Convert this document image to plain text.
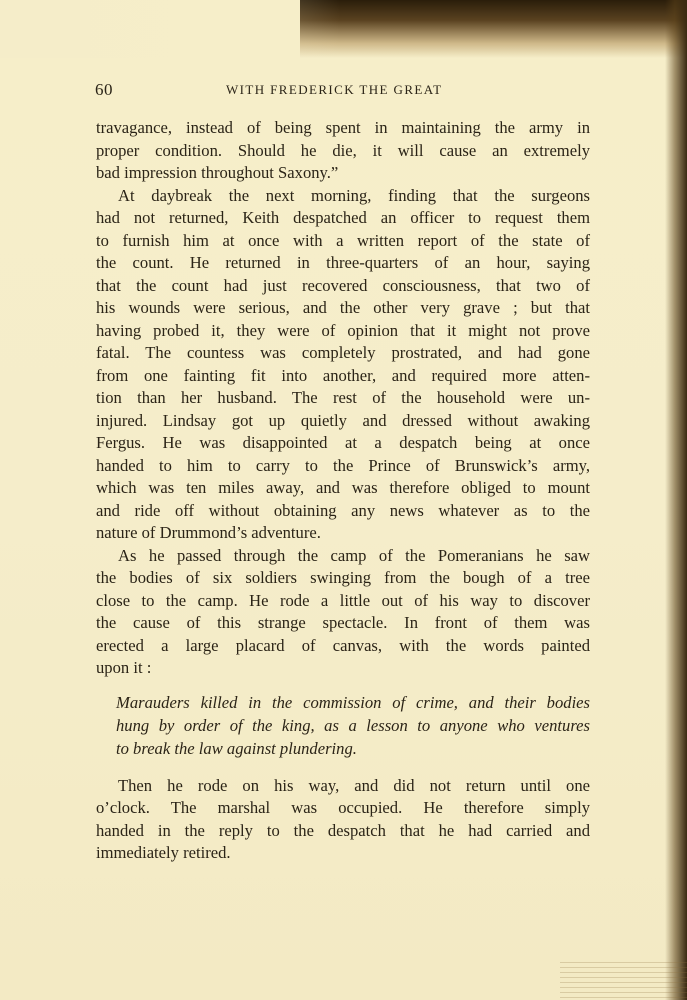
60	WITH FREDERICK THE GREAT
travagance, instead of being spent in maintaining the army in
proper condition. Should he die, it will cause an extremely
bad impression throughout Saxony.”
At daybreak the next morning, finding that the surgeons
had not returned, Keith despatched an officer to request them
to furnish him at once with a written report of the state of
the count. He returned in three-quarters of an hour, saying
that the count had just recovered consciousness, that two of
his wounds were serious, and the other very grave ; but that
having probed it, they were of opinion that it might not prove
fatal. The countess was completely prostrated, and had gone
from one fainting fit into another, and required more atten-
tion than her husband. The rest of the household were un-
injured. Lindsay got up quietly and dressed without awaking
Fergus. He was disappointed at a despatch being at once
handed to him to carry to the Prince of Brunswick’s army,
which was ten miles away, and was therefore obliged to mount
and ride off without obtaining any news whatever as to the
nature of Drummond’s adventure.
As he passed through the camp of the Pomeranians he saw
the bodies of six soldiers swinging from the bough of a tree
close to the camp. He rode a little out of his way to discover
the cause of this strange spectacle. In front of them was
erected a large placard of canvas, with the words painted
upon it :
Marauders killed in the commission of crime, and their bodies
hung by order of the king, as a lesson to anyone who ventures
to break the law against plundering.
Then he rode on his way, and did not return until one
o’clock. The marshal was occupied. He therefore simply
handed in the reply to the despatch that he had carried and
immediately retired.
